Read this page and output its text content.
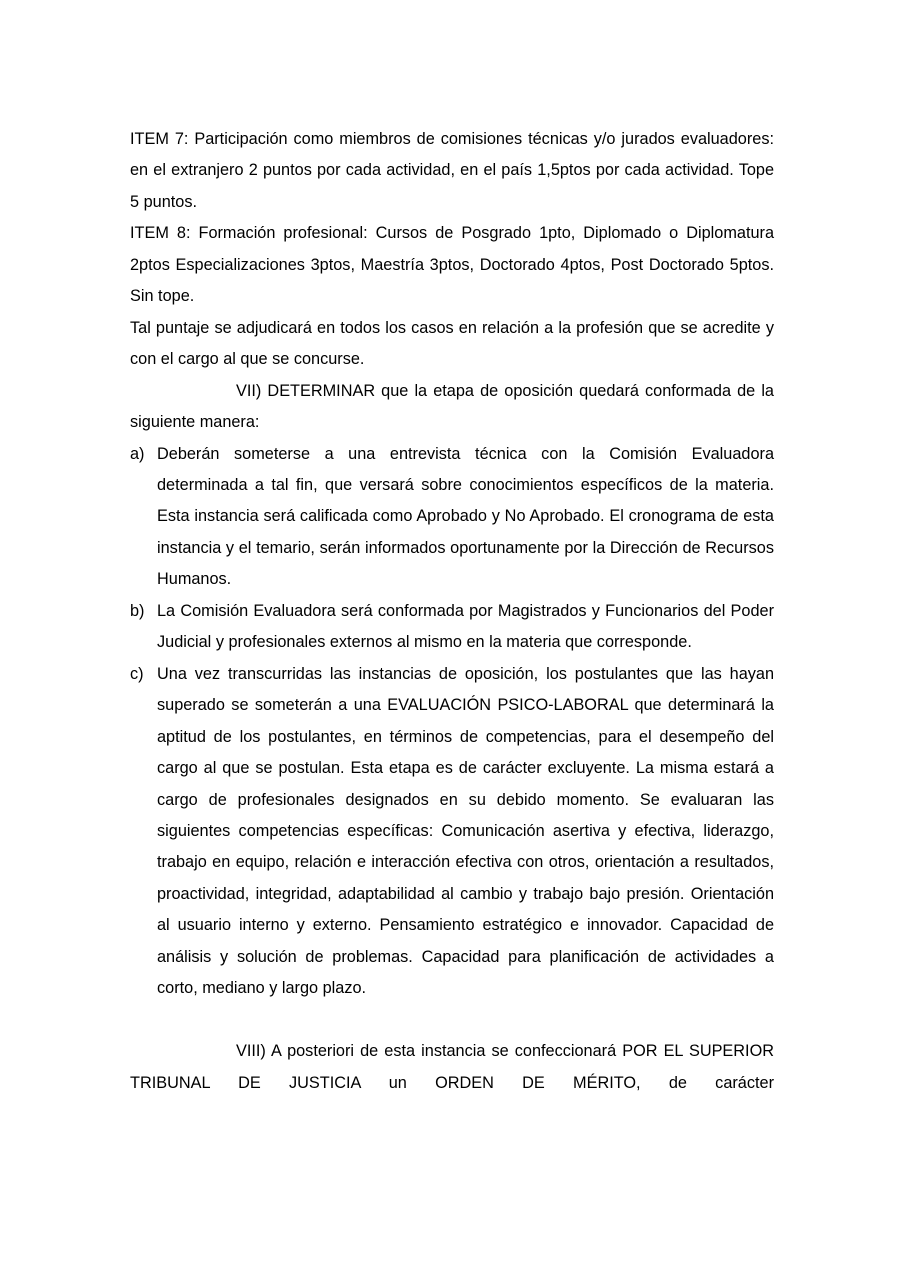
ITEM 7: Participación como miembros de comisiones técnicas y/o jurados evaluadores: en el extranjero 2 puntos por cada actividad, en el país 1,5ptos por cada actividad. Tope 5 puntos.

ITEM 8: Formación profesional: Cursos de Posgrado 1pto, Diplomado o Diplomatura 2ptos Especializaciones 3ptos, Maestría 3ptos, Doctorado 4ptos, Post Doctorado 5ptos. Sin tope.

Tal puntaje se adjudicará en todos los casos en relación a la profesión que se acredite y con el cargo al que se concurse.

VII) DETERMINAR que la etapa de oposición quedará conformada de la siguiente manera:

a) Deberán someterse a una entrevista técnica con la Comisión Evaluadora determinada a tal fin, que versará sobre conocimientos específicos de la materia. Esta instancia será calificada como Aprobado y No Aprobado. El cronograma de esta instancia y el temario, serán informados oportunamente por la Dirección de Recursos Humanos.
b) La Comisión Evaluadora será conformada por Magistrados y Funcionarios del Poder Judicial y profesionales externos al mismo en la materia que corresponde.
c) Una vez transcurridas las instancias de oposición, los postulantes que las hayan superado se someterán a una EVALUACIÓN PSICO-LABORAL que determinará la aptitud de los postulantes, en términos de competencias, para el desempeño del cargo al que se postulan. Esta etapa es de carácter excluyente. La misma estará a cargo de profesionales designados en su debido momento. Se evaluaran las siguientes competencias específicas: Comunicación asertiva y efectiva, liderazgo, trabajo en equipo, relación e interacción efectiva con otros, orientación a resultados, proactividad, integridad, adaptabilidad al cambio y trabajo bajo presión. Orientación al usuario interno y externo. Pensamiento estratégico e innovador. Capacidad de análisis y solución de problemas. Capacidad para planificación de actividades a corto, mediano y largo plazo.

VIII) A posteriori de esta instancia se confeccionará POR EL SUPERIOR TRIBUNAL DE JUSTICIA un ORDEN DE MÉRITO, de carácter
